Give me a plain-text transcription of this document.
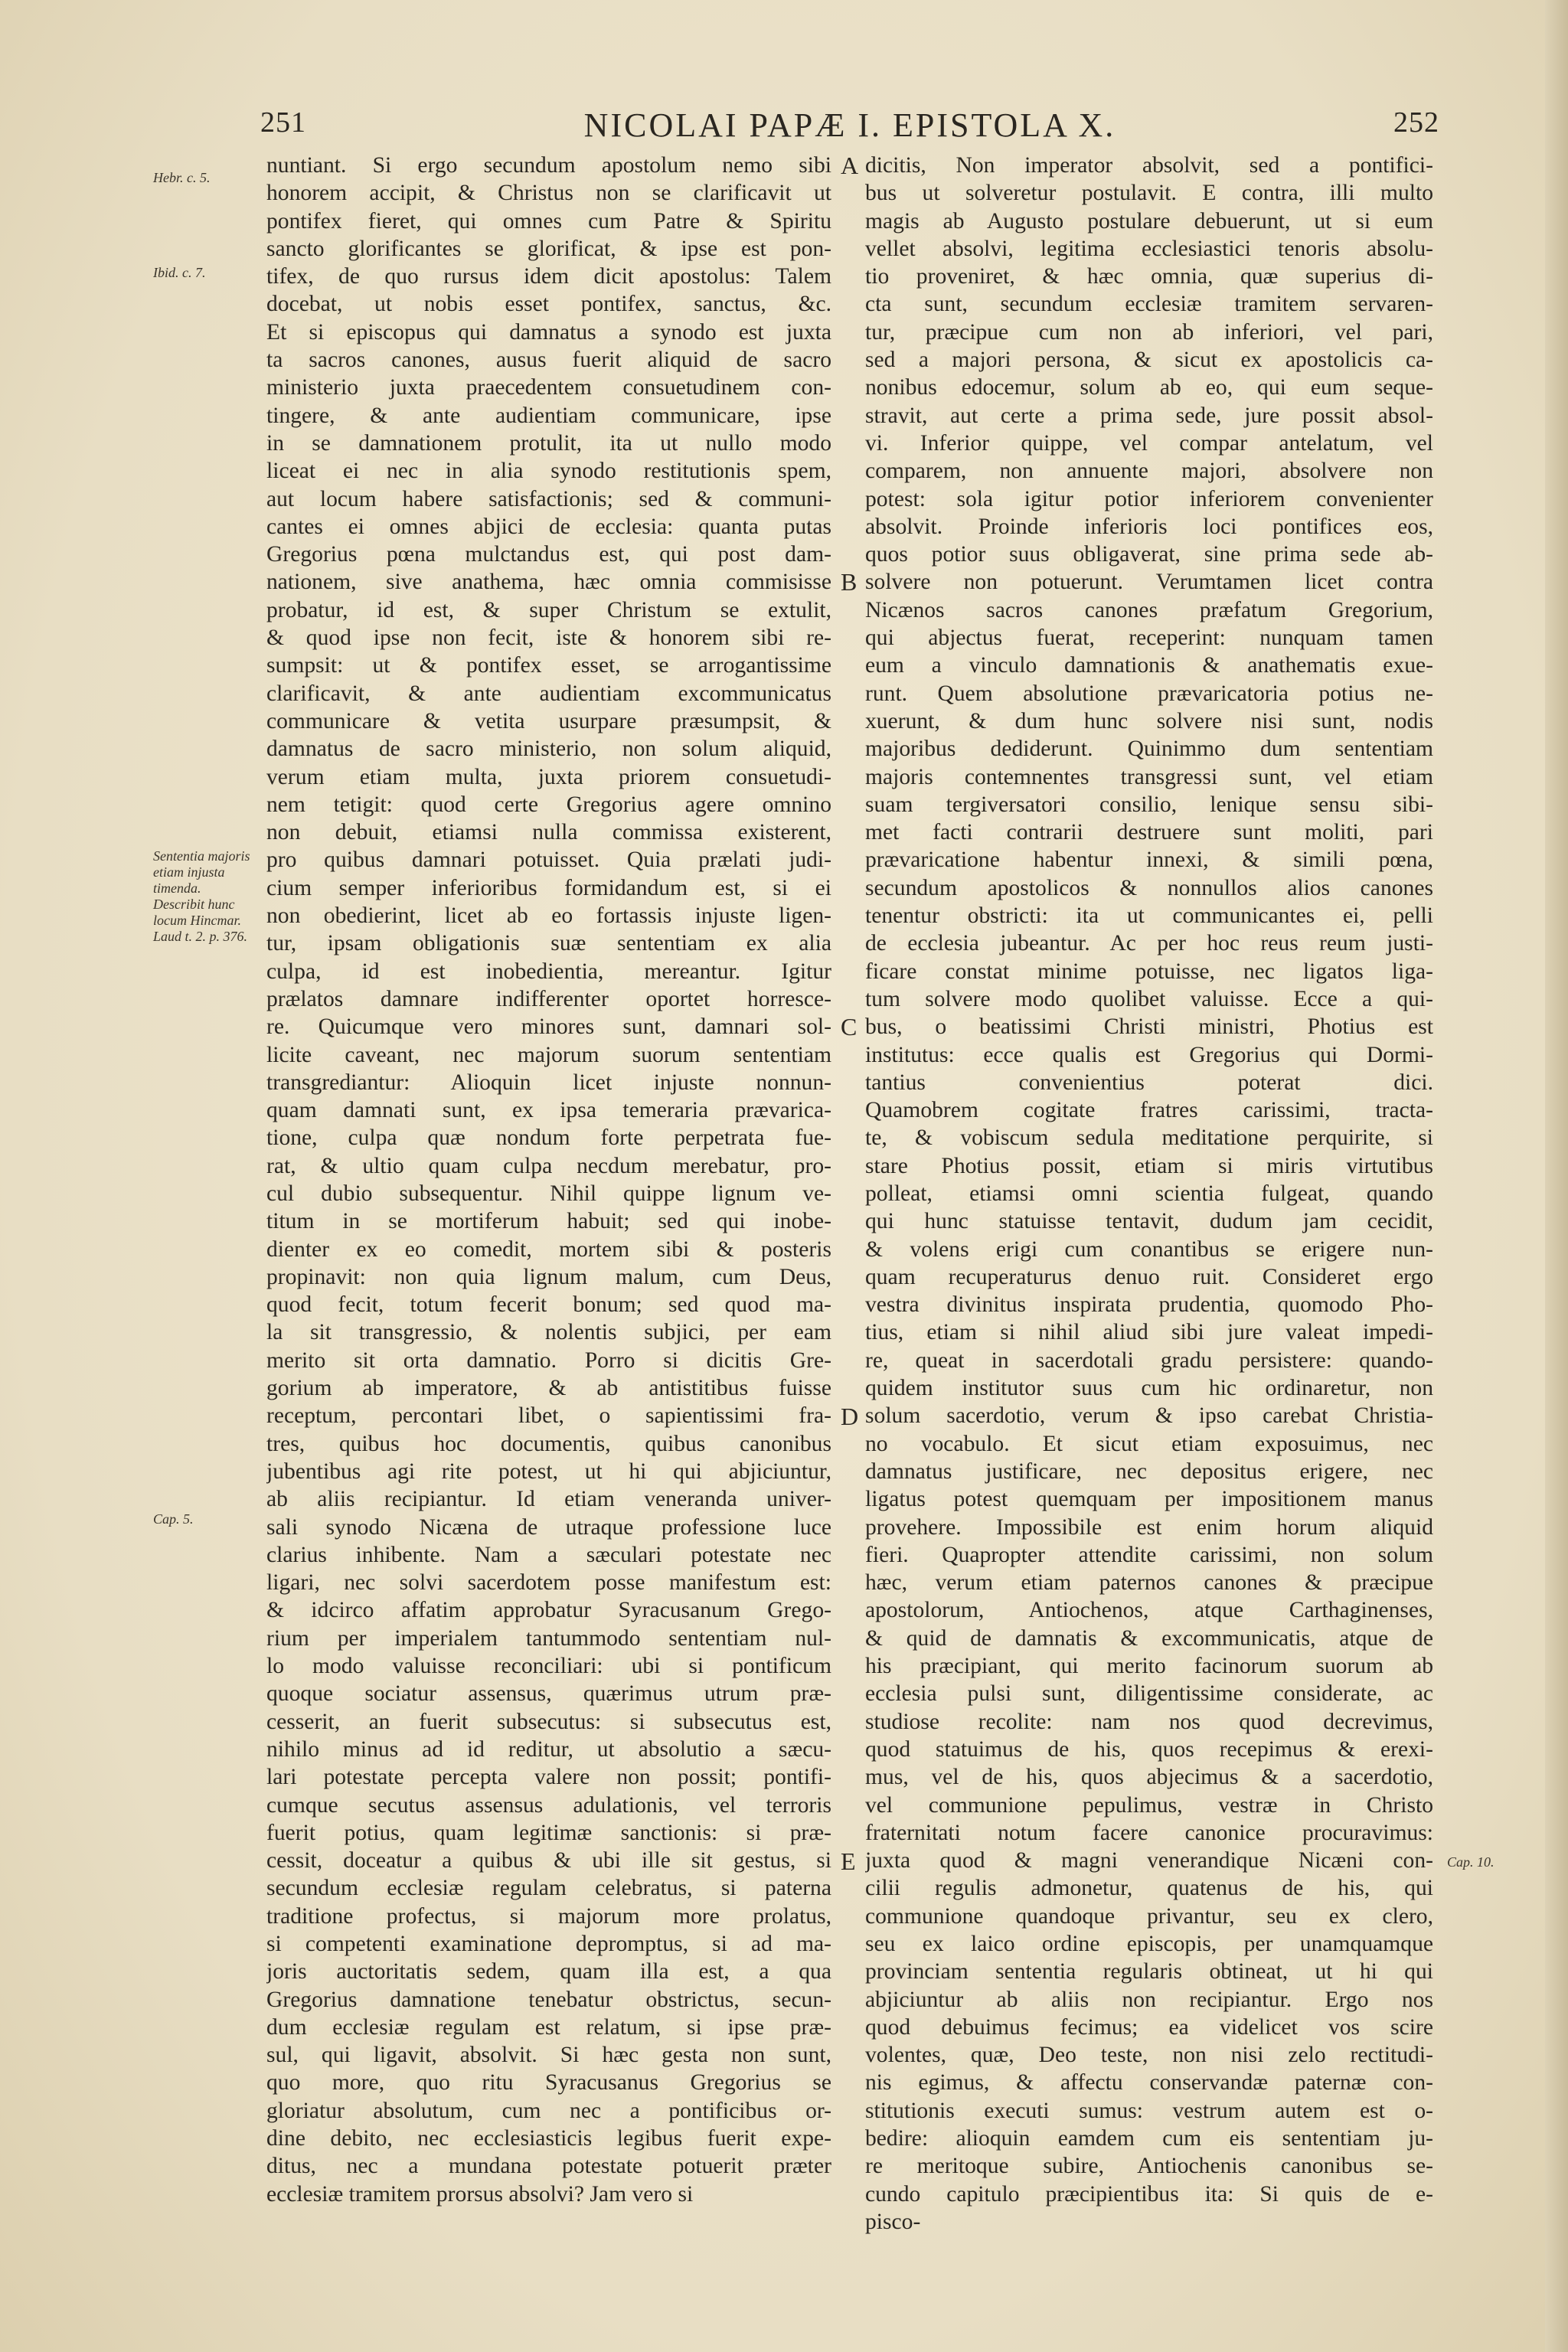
251	NICOLAI PAPÆ I. EPISTOLA X.	252
nuntiant. Si ergo secundum apostolum nemo sibi
honorem accipit, & Christus non se clarificavit ut
pontifex fieret, qui omnes cum Patre & Spiritu
sancto glorificantes se glorificat, & ipse est pon-
tifex, de quo rursus idem dicit apostolus: Talem
docebat, ut nobis esset pontifex, sanctus, &c.
Et si episcopus qui damnatus a synodo est juxta
ta sacros canones, ausus fuerit aliquid de sacro
ministerio juxta praecedentem consuetudinem con-
tingere, & ante audientiam communicare, ipse
in se damnationem protulit, ita ut nullo modo
liceat ei nec in alia synodo restitutionis spem,
aut locum habere satisfactionis; sed & communi-
cantes ei omnes abjici de ecclesia: quanta putas
Gregorius pœna mulctandus est, qui post dam-
nationem, sive anathema, hæc omnia commisisse
probatur, id est, & super Christum se extulit,
& quod ipse non fecit, iste & honorem sibi re-
sumpsit: ut & pontifex esset, se arrogantissime
clarificavit, & ante audientiam excommunicatus
communicare & vetita usurpare præsumpsit, &
damnatus de sacro ministerio, non solum aliquid,
verum etiam multa, juxta priorem consuetudi-
nem tetigit: quod certe Gregorius agere omnino
non debuit, etiamsi nulla commissa existerent,
pro quibus damnari potuisset. Quia prælati judi-
cium semper inferioribus formidandum est, si ei
non obedierint, licet ab eo fortassis injuste ligen-
tur, ipsam obligationis suæ sententiam ex alia
culpa, id est inobedientia, mereantur. Igitur
prælatos damnare indifferenter oportet horresce-
re. Quicumque vero minores sunt, damnari sol-
licite caveant, nec majorum suorum sententiam
transgrediantur: Alioquin licet injuste nonnun-
quam damnati sunt, ex ipsa temeraria prævarica-
tione, culpa quæ nondum forte perpetrata fue-
rat, & ultio quam culpa necdum merebatur, pro-
cul dubio subsequentur. Nihil quippe lignum ve-
titum in se mortiferum habuit; sed qui inobe-
dienter ex eo comedit, mortem sibi & posteris
propinavit: non quia lignum malum, cum Deus,
quod fecit, totum fecerit bonum; sed quod ma-
la sit transgressio, & nolentis subjici, per eam
merito sit orta damnatio. Porro si dicitis Gre-
gorium ab imperatore, & ab antistitibus fuisse
receptum, percontari libet, o sapientissimi fra-
tres, quibus hoc documentis, quibus canonibus
jubentibus agi rite potest, ut hi qui abjiciuntur,
ab aliis recipiantur. Id etiam veneranda univer-
sali synodo Nicæna de utraque professione luce
clarius inhibente. Nam a sæculari potestate nec
ligari, nec solvi sacerdotem posse manifestum est:
& idcirco affatim approbatur Syracusanum Grego-
rium per imperialem tantummodo sententiam nul-
lo modo valuisse reconciliari: ubi si pontificum
quoque sociatur assensus, quærimus utrum præ-
cesserit, an fuerit subsecutus: si subsecutus est,
nihilo minus ad id reditur, ut absolutio a sæcu-
lari potestate percepta valere non possit; pontifi-
cumque secutus assensus adulationis, vel terroris
fuerit potius, quam legitimæ sanctionis: si præ-
cessit, doceatur a quibus & ubi ille sit gestus, si
secundum ecclesiæ regulam celebratus, si paterna
traditione profectus, si majorum more prolatus,
si competenti examinatione depromptus, si ad ma-
joris auctoritatis sedem, quam illa est, a qua
Gregorius damnatione tenebatur obstrictus, secun-
dum ecclesiæ regulam est relatum, si ipse præ-
sul, qui ligavit, absolvit. Si hæc gesta non sunt,
quo more, quo ritu Syracusanus Gregorius se
gloriatur absolutum, cum nec a pontificibus or-
dine debito, nec ecclesiasticis legibus fuerit expe-
ditus, nec a mundana potestate potuerit præter
ecclesiæ tramitem prorsus absolvi? Jam vero si
dicitis, Non imperator absolvit, sed a pontifici-
bus ut solveretur postulavit. E contra, illi multo
magis ab Augusto postulare debuerunt, ut si eum
vellet absolvi, legitima ecclesiastici tenoris absolu-
tio proveniret, & hæc omnia, quæ superius di-
cta sunt, secundum ecclesiæ tramitem servaren-
tur, præcipue cum non ab inferiori, vel pari,
sed a majori persona, & sicut ex apostolicis ca-
nonibus edocemur, solum ab eo, qui eum seque-
stravit, aut certe a prima sede, jure possit absol-
vi. Inferior quippe, vel compar antelatum, vel
comparem, non annuente majori, absolvere non
potest: sola igitur potior inferiorem convenienter
absolvit. Proinde inferioris loci pontifices eos,
quos potior suus obligaverat, sine prima sede ab-
solvere non potuerunt. Verumtamen licet contra
Nicænos sacros canones præfatum Gregorium,
qui abjectus fuerat, receperint: nunquam tamen
eum a vinculo damnationis & anathematis exue-
runt. Quem absolutione prævaricatoria potius ne-
xuerunt, & dum hunc solvere nisi sunt, nodis
majoribus dediderunt. Quinimmo dum sententiam
majoris contemnentes transgressi sunt, vel etiam
suam tergiversatori consilio, lenique sensu sibi-
met facti contrarii destruere sunt moliti, pari
prævaricatione habentur innexi, & simili pœna,
secundum apostolicos & nonnullos alios canones
tenentur obstricti: ita ut communicantes ei, pelli
de ecclesia jubeantur. Ac per hoc reus reum justi-
ficare constat minime potuisse, nec ligatos liga-
tum solvere modo quolibet valuisse. Ecce a qui-
bus, o beatissimi Christi ministri, Photius est
institutus: ecce qualis est Gregorius qui Dormi-
tantius convenientius poterat dici.
Quamobrem cogitate fratres carissimi, tracta-
te, & vobiscum sedula meditatione perquirite, si
stare Photius possit, etiam si miris virtutibus
polleat, etiamsi omni scientia fulgeat, quando
qui hunc statuisse tentavit, dudum jam cecidit,
& volens erigi cum conantibus se erigere nun-
quam recuperaturus denuo ruit. Consideret ergo
vestra divinitus inspirata prudentia, quomodo Pho-
tius, etiam si nihil aliud sibi jure valeat impedi-
re, queat in sacerdotali gradu persistere: quando-
quidem institutor suus cum hic ordinaretur, non
solum sacerdotio, verum & ipso carebat Christia-
no vocabulo. Et sicut etiam exposuimus, nec
damnatus justificare, nec depositus erigere, nec
ligatus potest quemquam per impositionem manus
provehere. Impossibile est enim horum aliquid
fieri. Quapropter attendite carissimi, non solum
hæc, verum etiam paternos canones & præcipue
apostolorum, Antiochenos, atque Carthaginenses,
& quid de damnatis & excommunicatis, atque de
his præcipiant, qui merito facinorum suorum ab
ecclesia pulsi sunt, diligentissime considerate, ac
studiose recolite: nam nos quod decrevimus,
quod statuimus de his, quos recepimus & erexi-
mus, vel de his, quos abjecimus & a sacerdotio,
vel communione pepulimus, vestræ in Christo
fraternitati notum facere canonice procuravimus:
juxta quod & magni venerandique Nicæni con-
cilii regulis admonetur, quatenus de his, qui
communione quandoque privantur, seu ex clero,
seu ex laico ordine episcopis, per unamquamque
provinciam sententia regularis obtineat, ut hi qui
abjiciuntur ab aliis non recipiantur. Ergo nos
quod debuimus fecimus; ea videlicet vos scire
volentes, quæ, Deo teste, non nisi zelo rectitudi-
nis egimus, & affectu conservandæ paternæ con-
stitutionis executi sumus: vestrum autem est o-
bedire: alioquin eamdem cum eis sententiam ju-
re meritoque subire, Antiochenis canonibus se-
cundo capitulo præcipientibus ita: Si quis de e-
pisco-
A
B
C
D
E
Hebr. c. 5.
Ibid. c. 7.
Sententia majoris etiam injusta timenda. Describit hunc locum Hincmar. Laud t. 2. p. 376.
Cap. 5.
Cap. 10.
